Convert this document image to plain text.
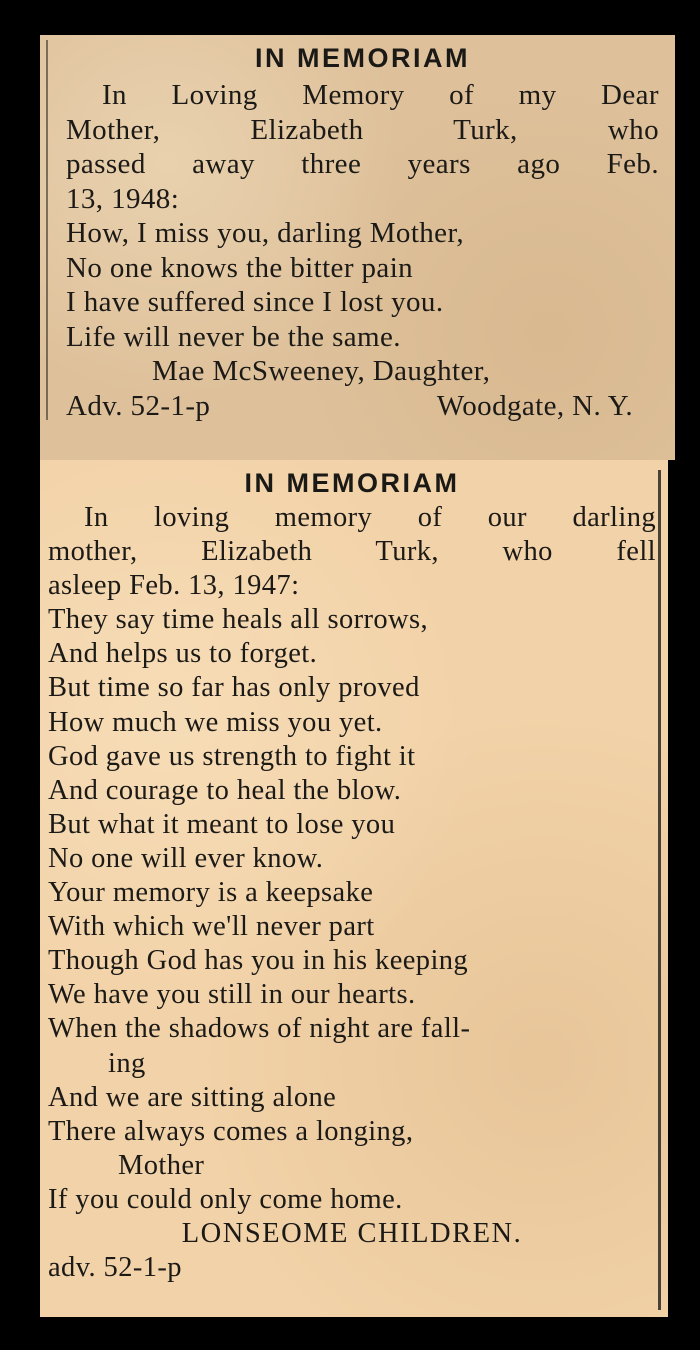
IN MEMORIAM
In Loving Memory of my Dear
Mother, Elizabeth Turk, who
passed away three years ago Feb.
13, 1948:
How, I miss you, darling Mother,
No one knows the bitter pain
I have suffered since I lost you.
Life will never be the same.
Mae McSweeney, Daughter,
Adv. 52-1-p	Woodgate, N. Y.
IN MEMORIAM
In loving memory of our darling
mother, Elizabeth Turk, who fell
asleep Feb. 13, 1947:
They say time heals all sorrows,
And helps us to forget.
But time so far has only proved
How much we miss you yet.
God gave us strength to fight it
And courage to heal the blow.
But what it meant to lose you
No one will ever know.
Your memory is a keepsake
With which we'll never part
Though God has you in his keeping
We have you still in our hearts.
When the shadows of night are fall-
ing
And we are sitting alone
There always comes a longing,
Mother
If you could only come home.
LONSEOME CHILDREN.
adv. 52-1-p
